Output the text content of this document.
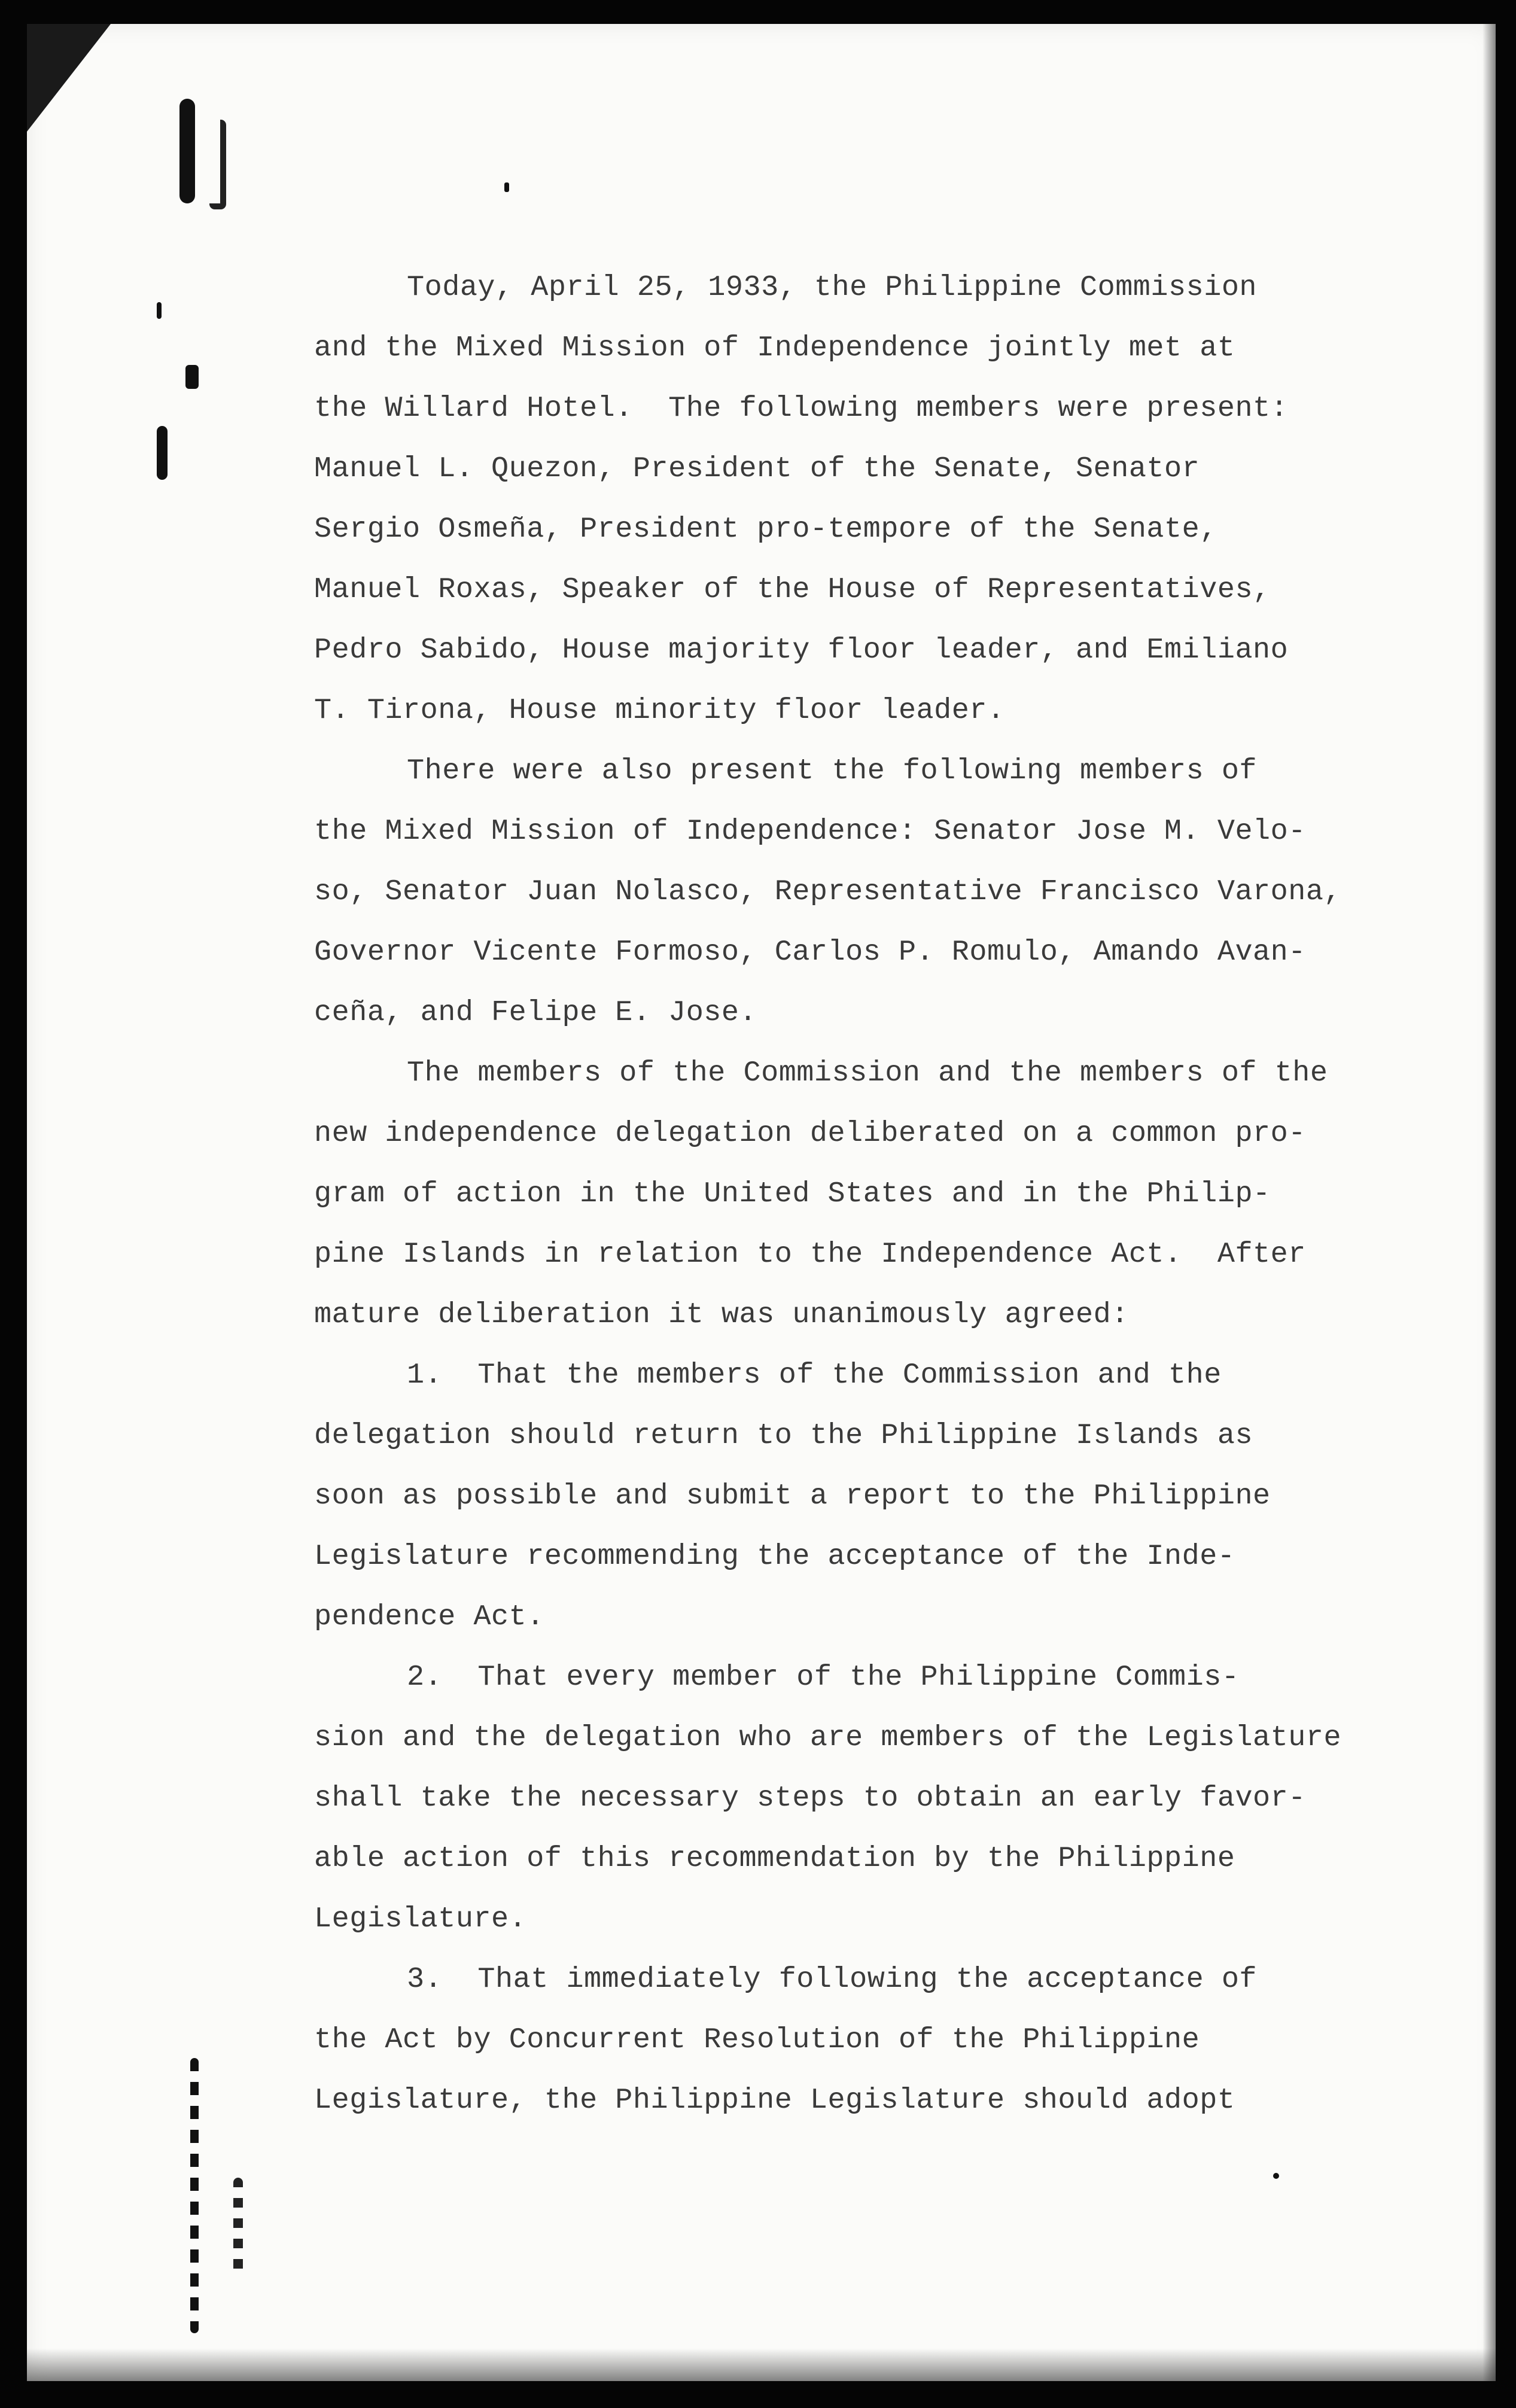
Today, April 25, 1933, the Philippine Commission
and the Mixed Mission of Independence jointly met at
the Willard Hotel.  The following members were present:
Manuel L. Quezon, President of the Senate, Senator
Sergio Osmeña, President pro-tempore of the Senate,
Manuel Roxas, Speaker of the House of Representatives,
Pedro Sabido, House majority floor leader, and Emiliano
T. Tirona, House minority floor leader.
There were also present the following members of
the Mixed Mission of Independence: Senator Jose M. Velo-
so, Senator Juan Nolasco, Representative Francisco Varona,
Governor Vicente Formoso, Carlos P. Romulo, Amando Avan-
ceña, and Felipe E. Jose.
The members of the Commission and the members of the
new independence delegation deliberated on a common pro-
gram of action in the United States and in the Philip-
pine Islands in relation to the Independence Act.  After
mature deliberation it was unanimously agreed:
1.  That the members of the Commission and the
delegation should return to the Philippine Islands as
soon as possible and submit a report to the Philippine
Legislature recommending the acceptance of the Inde-
pendence Act.
2.  That every member of the Philippine Commis-
sion and the delegation who are members of the Legislature
shall take the necessary steps to obtain an early favor-
able action of this recommendation by the Philippine
Legislature.
3.  That immediately following the acceptance of
the Act by Concurrent Resolution of the Philippine
Legislature, the Philippine Legislature should adopt
